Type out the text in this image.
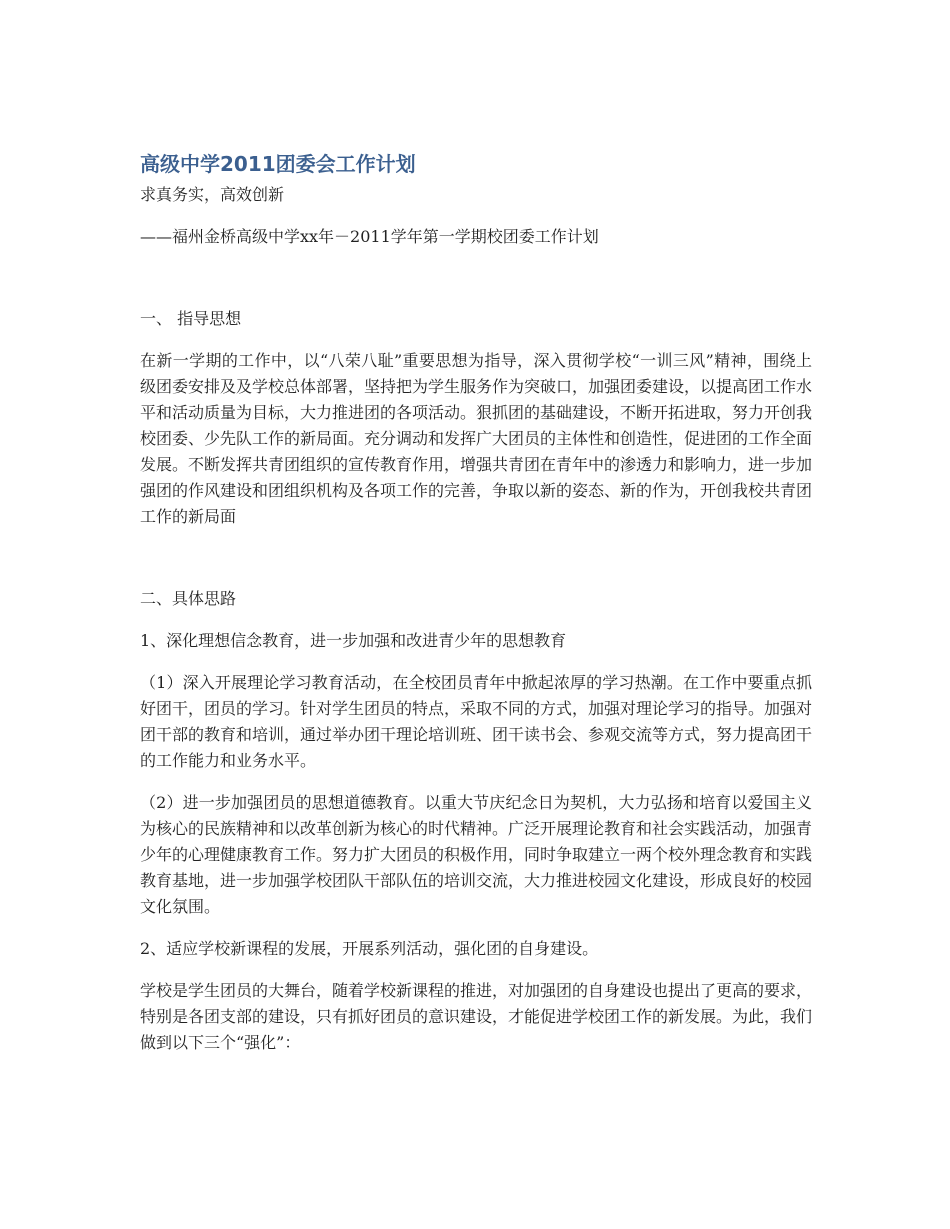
高级中学2011团委会工作计划

求真务实，高效创新

——福州金桥高级中学xx年－2011学年第一学期校团委工作计划

一、 指导思想

在新一学期的工作中，以“八荣八耻”重要思想为指导，深入贯彻学校“一训三风”精神，围绕上级团委安排及及学校总体部署，坚持把为学生服务作为突破口，加强团委建设，以提高团工作水平和活动质量为目标，大力推进团的各项活动。狠抓团的基础建设，不断开拓进取，努力开创我校团委、少先队工作的新局面。充分调动和发挥广大团员的主体性和创造性，促进团的工作全面发展。不断发挥共青团组织的宣传教育作用，增强共青团在青年中的渗透力和影响力，进一步加强团的作风建设和团组织机构及各项工作的完善，争取以新的姿态、新的作为，开创我校共青团工作的新局面

二、具体思路

1、深化理想信念教育，进一步加强和改进青少年的思想教育

（1）深入开展理论学习教育活动，在全校团员青年中掀起浓厚的学习热潮。在工作中要重点抓好团干，团员的学习。针对学生团员的特点，采取不同的方式，加强对理论学习的指导。加强对团干部的教育和培训，通过举办团干理论培训班、团干读书会、参观交流等方式，努力提高团干的工作能力和业务水平。

（2）进一步加强团员的思想道德教育。以重大节庆纪念日为契机，大力弘扬和培育以爱国主义为核心的民族精神和以改革创新为核心的时代精神。广泛开展理论教育和社会实践活动，加强青少年的心理健康教育工作。努力扩大团员的积极作用，同时争取建立一两个校外理念教育和实践教育基地，进一步加强学校团队干部队伍的培训交流，大力推进校园文化建设，形成良好的校园文化氛围。

2、适应学校新课程的发展，开展系列活动，强化团的自身建设。

学校是学生团员的大舞台，随着学校新课程的推进，对加强团的自身建设也提出了更高的要求，特别是各团支部的建设，只有抓好团员的意识建设，才能促进学校团工作的新发展。为此，我们做到以下三个“强化”：
